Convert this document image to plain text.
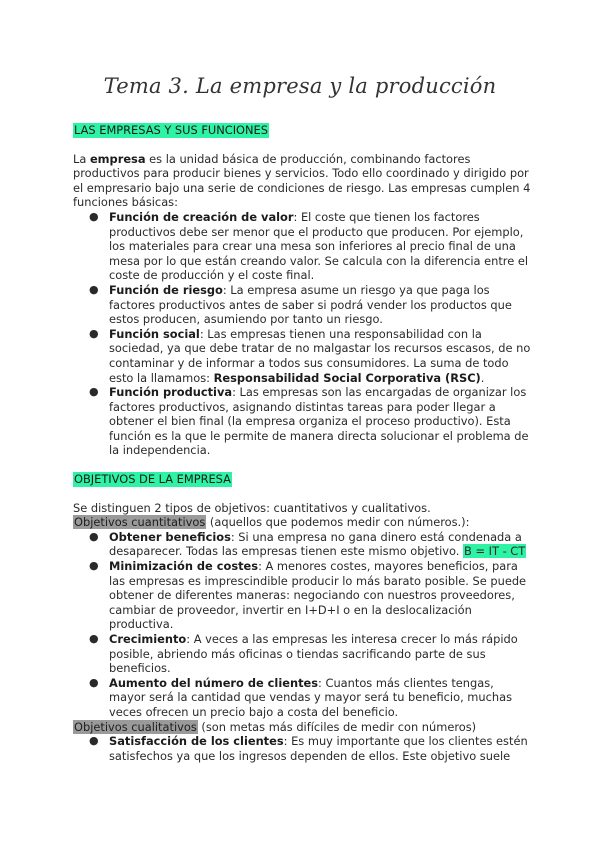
Tema 3. La empresa y la producción
LAS EMPRESAS Y SUS FUNCIONES

La empresa es la unidad básica de producción, combinando factores productivos para producir bienes y servicios. Todo ello coordinado y dirigido por el empresario bajo una serie de condiciones de riesgo. Las empresas cumplen 4 funciones básicas:

● Función de creación de valor: El coste que tienen los factores productivos debe ser menor que el producto que producen. Por ejemplo, los materiales para crear una mesa son inferiores al precio final de una mesa por lo que están creando valor. Se calcula con la diferencia entre el coste de producción y el coste final.
● Función de riesgo: La empresa asume un riesgo ya que paga los factores productivos antes de saber si podrá vender los productos que estos producen, asumiendo por tanto un riesgo.
● Función social: Las empresas tienen una responsabilidad con la sociedad, ya que debe tratar de no malgastar los recursos escasos, de no contaminar y de informar a todos sus consumidores. La suma de todo esto la llamamos: Responsabilidad Social Corporativa (RSC).
● Función productiva: Las empresas son las encargadas de organizar los factores productivos, asignando distintas tareas para poder llegar a obtener el bien final (la empresa organiza el proceso productivo). Esta función es la que le permite de manera directa solucionar el problema de la independencia.
OBJETIVOS DE LA EMPRESA

Se distinguen 2 tipos de objetivos: cuantitativos y cualitativos.

Objetivos cuantitativos (aquellos que podemos medir con números.):

● Obtener beneficios: Si una empresa no gana dinero está condenada a desaparecer. Todas las empresas tienen este mismo objetivo. B = IT - CT
● Minimización de costes: A menores costes, mayores beneficios, para las empresas es imprescindible producir lo más barato posible. Se puede obtener de diferentes maneras: negociando con nuestros proveedores, cambiar de proveedor, invertir en I+D+I o en la deslocalización productiva.
● Crecimiento: A veces a las empresas les interesa crecer lo más rápido posible, abriendo más oficinas o tiendas sacrificando parte de sus beneficios.
● Aumento del número de clientes: Cuantos más clientes tengas, mayor será la cantidad que vendas y mayor será tu beneficio, muchas veces ofrecen un precio bajo a costa del beneficio.

Objetivos cualitativos (son metas más difíciles de medir con números)

● Satisfacción de los clientes: Es muy importante que los clientes estén satisfechos ya que los ingresos dependen de ellos. Este objetivo suele
